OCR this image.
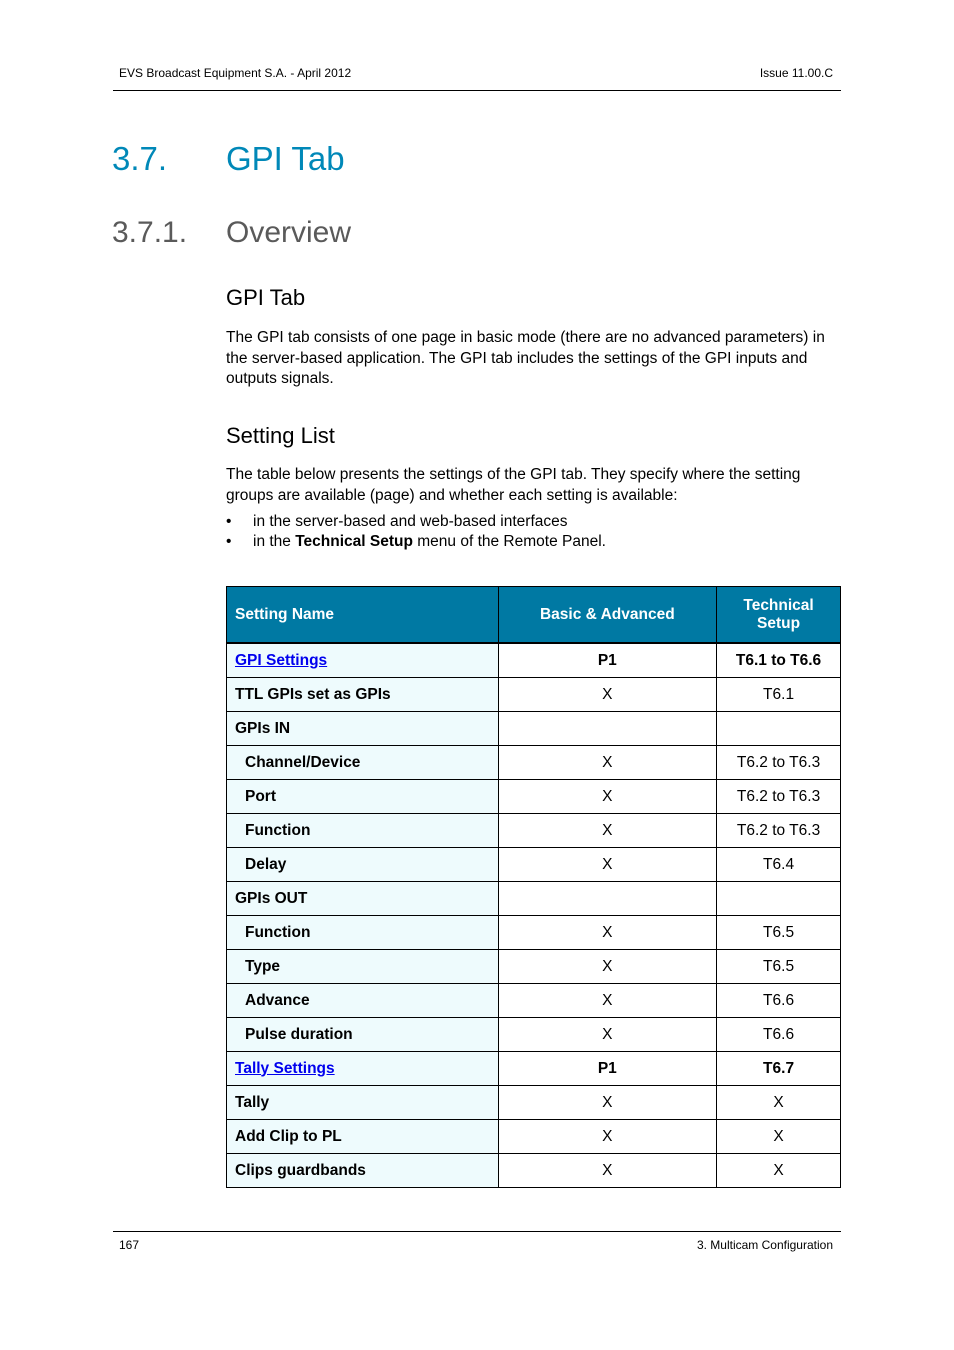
EVS Broadcast Equipment S.A. - April 2012	Issue 11.00.C
3.7. GPI Tab
3.7.1. Overview
GPI Tab
The GPI tab consists of one page in basic mode (there are no advanced parameters) in the server-based application. The GPI tab includes the settings of the GPI inputs and outputs signals.
Setting List
The table below presents the settings of the GPI tab. They specify where the setting groups are available (page) and whether each setting is available:
• in the server-based and web-based interfaces
• in the Technical Setup menu of the Remote Panel.
Setting Name	Basic & Advanced	Technical Setup
GPI Settings	P1	T6.1 to T6.6
TTL GPIs set as GPIs	X	T6.1
GPIs IN		
Channel/Device	X	T6.2 to T6.3
Port	X	T6.2 to T6.3
Function	X	T6.2 to T6.3
Delay	X	T6.4
GPIs OUT		
Function	X	T6.5
Type	X	T6.5
Advance	X	T6.6
Pulse duration	X	T6.6
Tally Settings	P1	T6.7
Tally	X	X
Add Clip to PL	X	X
Clips guardbands	X	X
167	3. Multicam Configuration
